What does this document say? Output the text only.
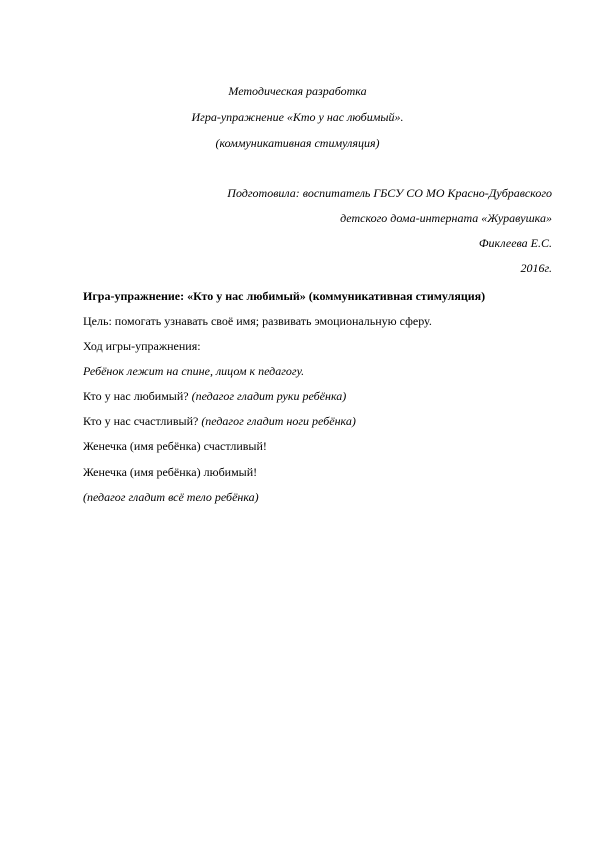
Методическая разработка
Игра-упражнение «Кто у нас любимый».
(коммуникативная стимуляция)
Подготовила: воспитатель ГБСУ СО МО Красно-Дубравского
детского дома-интерната «Журавушка»
Фиклеева Е.С.
2016г.
Игра-упражнение: «Кто у нас любимый» (коммуникативная стимуляция)
Цель: помогать узнавать своё имя; развивать эмоциональную сферу.
Ход игры-упражнения:
Ребёнок лежит на спине, лицом к педагогу.
Кто у нас любимый? (педагог гладит руки ребёнка)
Кто у нас счастливый? (педагог гладит ноги ребёнка)
Женечка (имя ребёнка) счастливый!
Женечка (имя ребёнка) любимый!
(педагог гладит всё тело ребёнка)
